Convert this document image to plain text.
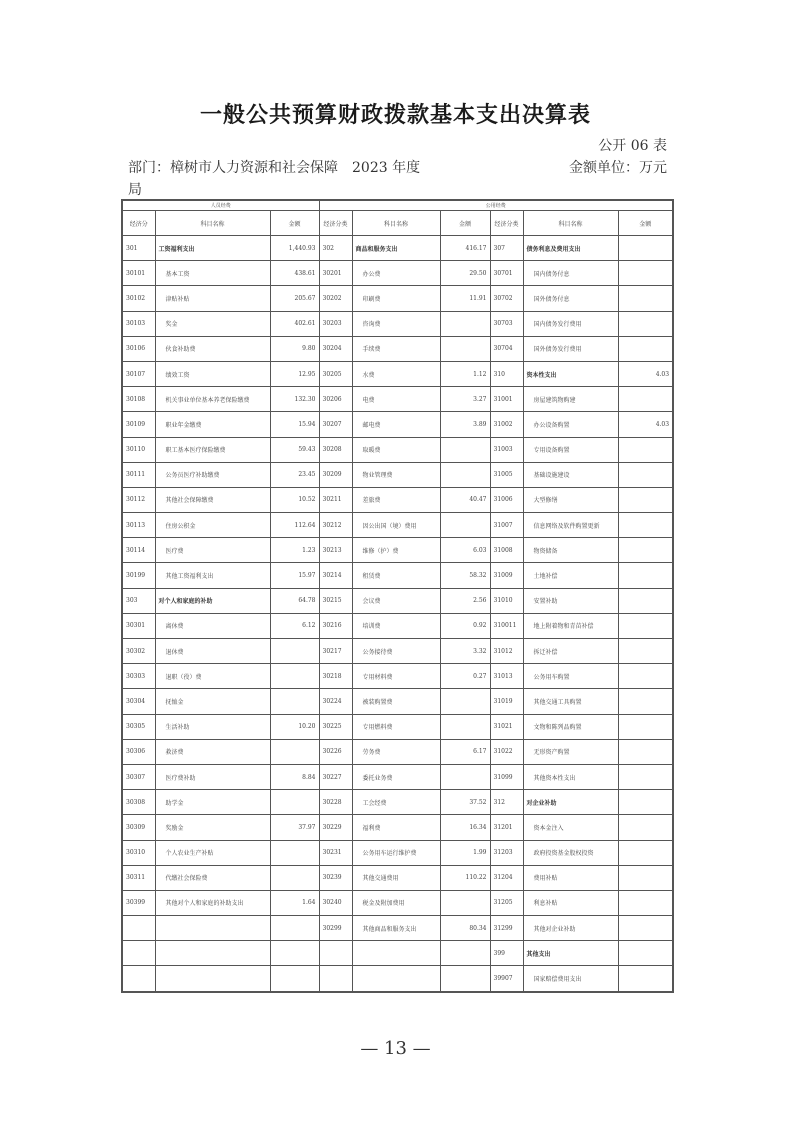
一般公共预算财政拨款基本支出决算表
公开 06 表
部门：樟树市人力资源和社会保障局
2023 年度	金额单位：万元
人员经费			公用经费					
经济分	科目名称	金额	经济分类	科目名称	金额	经济分类	科目名称	金额
301	工资福利支出	1,440.93	302	商品和服务支出	416.17	307	债务利息及费用支出	
30101	基本工资	438.61	30201	办公费	29.50	30701	国内债务付息	
30102	津贴补贴	205.67	30202	印刷费	11.91	30702	国外债务付息	
30103	奖金	402.61	30203	咨询费		30703	国内债务发行费用	
30106	伙食补助费	9.80	30204	手续费		30704	国外债务发行费用	
30107	绩效工资	12.95	30205	水费	1.12	310	资本性支出	4.03
30108	机关事业单位基本养老保险缴费	132.30	30206	电费	3.27	31001	房屋建筑物购建	
30109	职业年金缴费	15.94	30207	邮电费	3.89	31002	办公设备购置	4.03
30110	职工基本医疗保险缴费	59.43	30208	取暖费		31003	专用设备购置	
30111	公务员医疗补助缴费	23.45	30209	物业管理费		31005	基础设施建设	
30112	其他社会保障缴费	10.52	30211	差旅费	40.47	31006	大型修缮	
30113	住房公积金	112.64	30212	因公出国（境）费用		31007	信息网络及软件购置更新	
30114	医疗费	1.23	30213	维修（护）费	6.03	31008	物资储备	
30199	其他工资福利支出	15.97	30214	租赁费	58.32	31009	土地补偿	
303	对个人和家庭的补助	64.78	30215	会议费	2.56	31010	安置补助	
30301	离休费	6.12	30216	培训费	0.92	310011	地上附着物和青苗补偿	
30302	退休费		30217	公务接待费	3.32	31012	拆迁补偿	
30303	退职（役）费		30218	专用材料费	0.27	31013	公务用车购置	
30304	抚恤金		30224	被装购置费		31019	其他交通工具购置	
30305	生活补助	10.20	30225	专用燃料费		31021	文物和陈列品购置	
30306	救济费		30226	劳务费	6.17	31022	无形资产购置	
30307	医疗费补助	8.84	30227	委托业务费		31099	其他资本性支出	
30308	助学金		30228	工会经费	37.52	312	对企业补助	
30309	奖励金	37.97	30229	福利费	16.34	31201	资本金注入	
30310	个人农业生产补贴		30231	公务用车运行维护费	1.99	31203	政府投资基金股权投资	
30311	代缴社会保险费		30239	其他交通费用	110.22	31204	费用补贴	
30399	其他对个人和家庭的补助支出	1.64	30240	税金及附加费用		31205	利息补贴	
			30299	其他商品和服务支出	80.34	31299	其他对企业补助	
						399	其他支出	
						39907	国家赔偿费用支出	
— 13 —
